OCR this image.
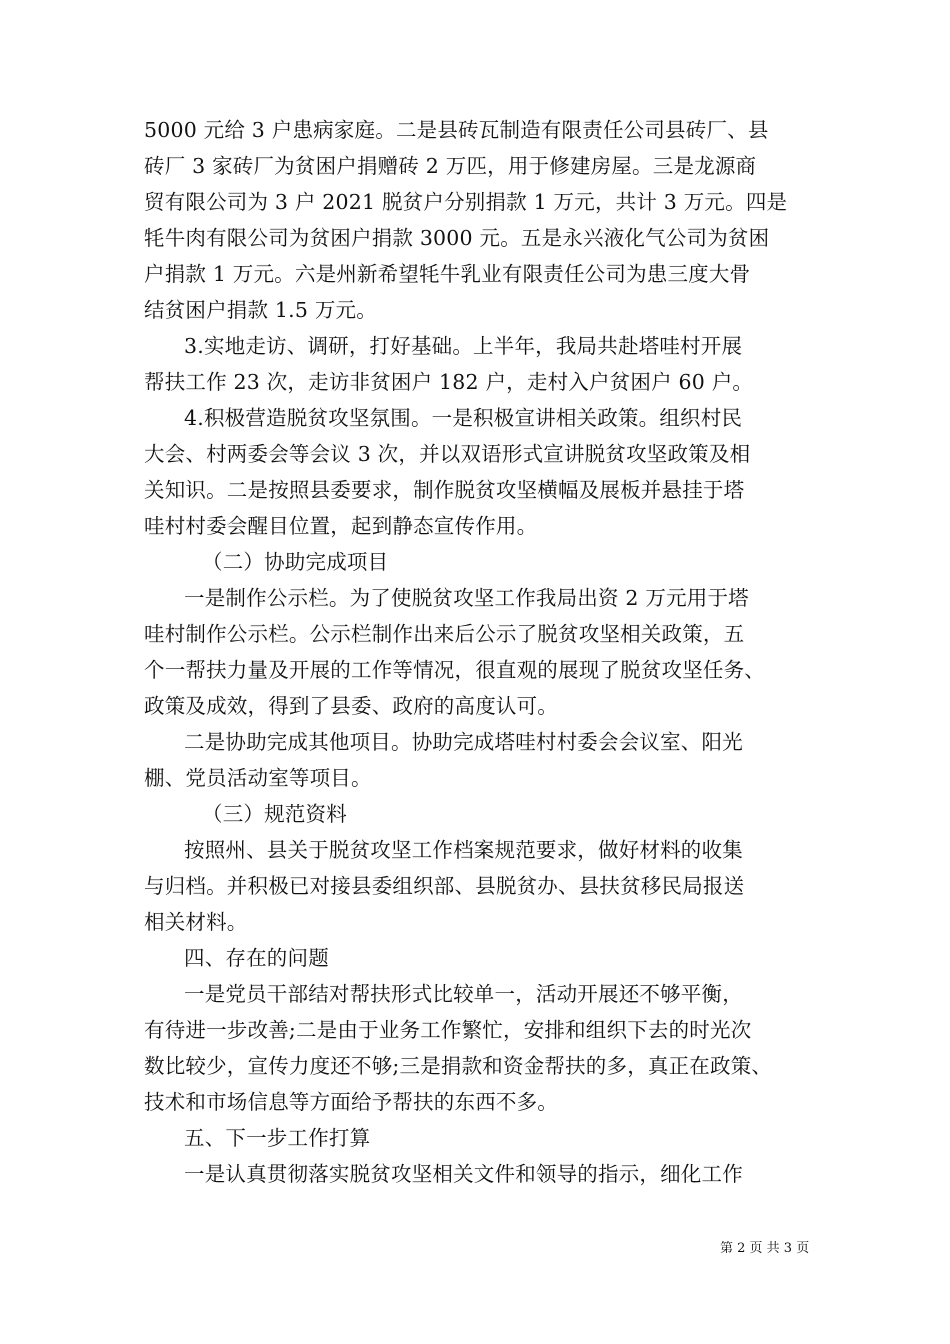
5000 元给 3 户患病家庭。二是县砖瓦制造有限责任公司县砖厂、县
砖厂 3 家砖厂为贫困户捐赠砖 2 万匹，用于修建房屋。三是龙源商
贸有限公司为 3 户 2021 脱贫户分别捐款 1 万元，共计 3 万元。四是
牦牛肉有限公司为贫困户捐款 3000 元。五是永兴液化气公司为贫困
户捐款 1 万元。六是州新希望牦牛乳业有限责任公司为患三度大骨
结贫困户捐款 1.5 万元。
3.实地走访、调研，打好基础。上半年，我局共赴塔哇村开展
帮扶工作 23 次，走访非贫困户 182 户，走村入户贫困户 60 户。
4.积极营造脱贫攻坚氛围。一是积极宣讲相关政策。组织村民
大会、村两委会等会议 3 次，并以双语形式宣讲脱贫攻坚政策及相
关知识。二是按照县委要求，制作脱贫攻坚横幅及展板并悬挂于塔
哇村村委会醒目位置，起到静态宣传作用。
（二）协助完成项目
一是制作公示栏。为了使脱贫攻坚工作我局出资 2 万元用于塔
哇村制作公示栏。公示栏制作出来后公示了脱贫攻坚相关政策，五
个一帮扶力量及开展的工作等情况，很直观的展现了脱贫攻坚任务、
政策及成效，得到了县委、政府的高度认可。
二是协助完成其他项目。协助完成塔哇村村委会会议室、阳光
棚、党员活动室等项目。
（三）规范资料
按照州、县关于脱贫攻坚工作档案规范要求，做好材料的收集
与归档。并积极已对接县委组织部、县脱贫办、县扶贫移民局报送
相关材料。
四、存在的问题
一是党员干部结对帮扶形式比较单一，活动开展还不够平衡，
有待进一步改善;二是由于业务工作繁忙，安排和组织下去的时光次
数比较少，宣传力度还不够;三是捐款和资金帮扶的多，真正在政策、
技术和市场信息等方面给予帮扶的东西不多。
五、下一步工作打算
一是认真贯彻落实脱贫攻坚相关文件和领导的指示，细化工作
第 2 页 共 3 页
